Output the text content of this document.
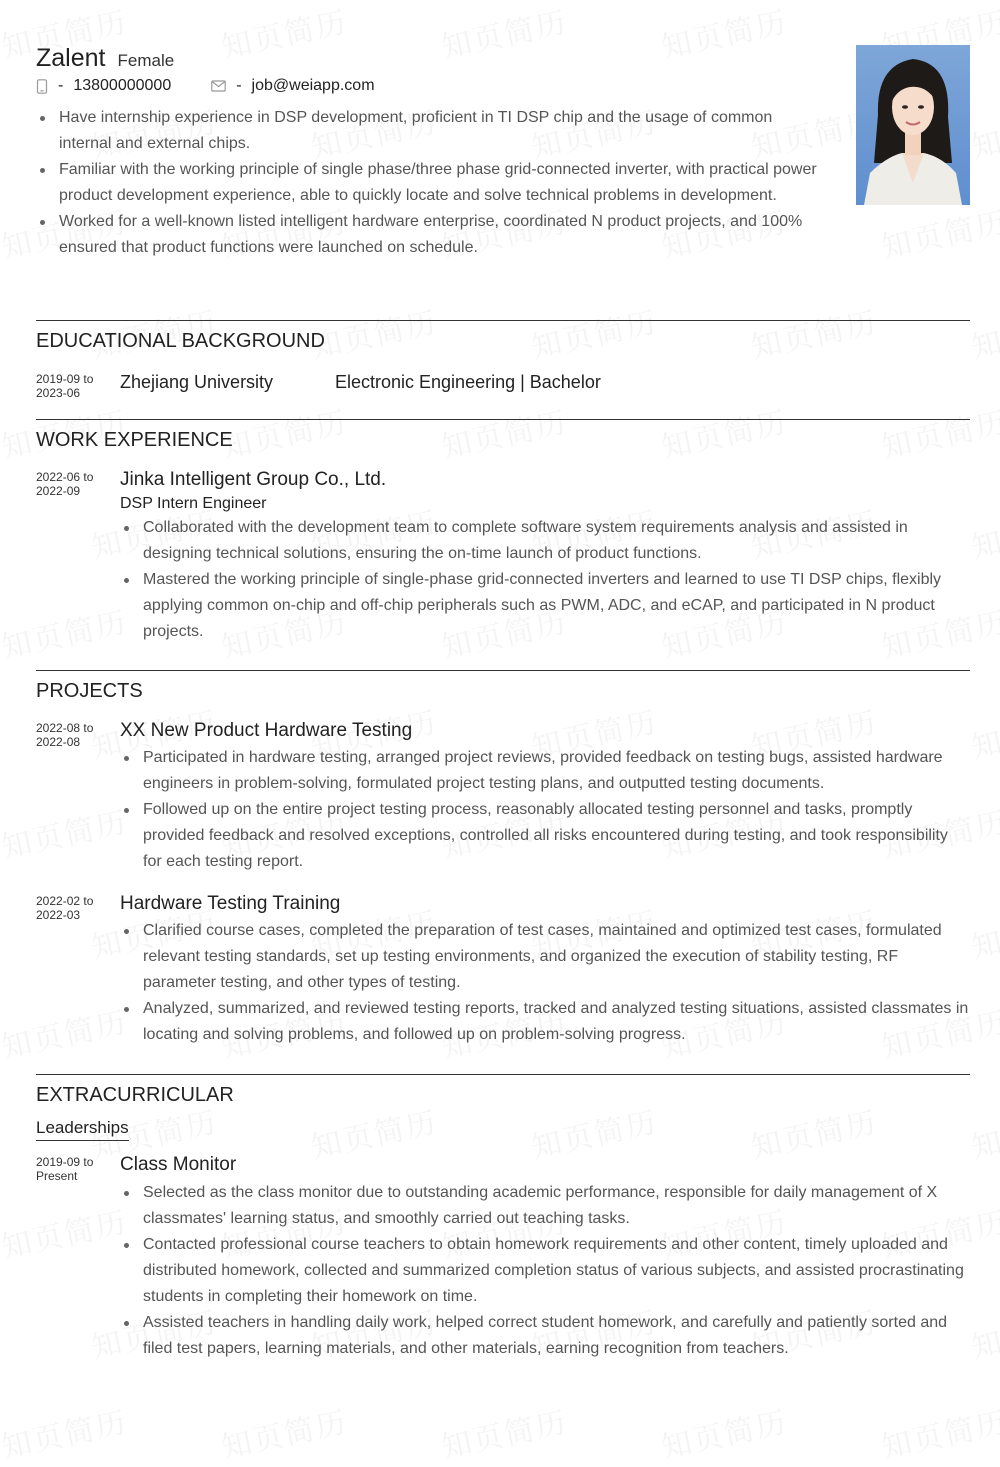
Zalent Female
- 13800000000	- job@weiapp.com
Have internship experience in DSP development, proficient in TI DSP chip and the usage of common internal and external chips.
Familiar with the working principle of single phase/three phase grid-connected inverter, with practical power product development experience, able to quickly locate and solve technical problems in development.
Worked for a well-known listed intelligent hardware enterprise, coordinated N product projects, and 100% ensured that product functions were launched on schedule.
EDUCATIONAL BACKGROUND
2019-09 to
2023-06
Zhejiang University	Electronic Engineering | Bachelor
WORK EXPERIENCE
2022-06 to
2022-09
Jinka Intelligent Group Co., Ltd.
DSP Intern Engineer
Collaborated with the development team to complete software system requirements analysis and assisted in designing technical solutions, ensuring the on-time launch of product functions.
Mastered the working principle of single-phase grid-connected inverters and learned to use TI DSP chips, flexibly applying common on-chip and off-chip peripherals such as PWM, ADC, and eCAP, and participated in N product projects.
PROJECTS
2022-08 to
2022-08
XX New Product Hardware Testing
Participated in hardware testing, arranged project reviews, provided feedback on testing bugs, assisted hardware engineers in problem-solving, formulated project testing plans, and outputted testing documents.
Followed up on the entire project testing process, reasonably allocated testing personnel and tasks, promptly provided feedback and resolved exceptions, controlled all risks encountered during testing, and took responsibility for each testing report.
2022-02 to
2022-03
Hardware Testing Training
Clarified course cases, completed the preparation of test cases, maintained and optimized test cases, formulated relevant testing standards, set up testing environments, and organized the execution of stability testing, RF parameter testing, and other types of testing.
Analyzed, summarized, and reviewed testing reports, tracked and analyzed testing situations, assisted classmates in locating and solving problems, and followed up on problem-solving progress.
EXTRACURRICULAR
Leaderships
2019-09 to
Present
Class Monitor
Selected as the class monitor due to outstanding academic performance, responsible for daily management of X classmates' learning status, and smoothly carried out teaching tasks.
Contacted professional course teachers to obtain homework requirements and other content, timely uploaded and distributed homework, collected and summarized completion status of various subjects, and assisted procrastinating students in completing their homework on time.
Assisted teachers in handling daily work, helped correct student homework, and carefully and patiently sorted and filed test papers, learning materials, and other materials, earning recognition from teachers.
